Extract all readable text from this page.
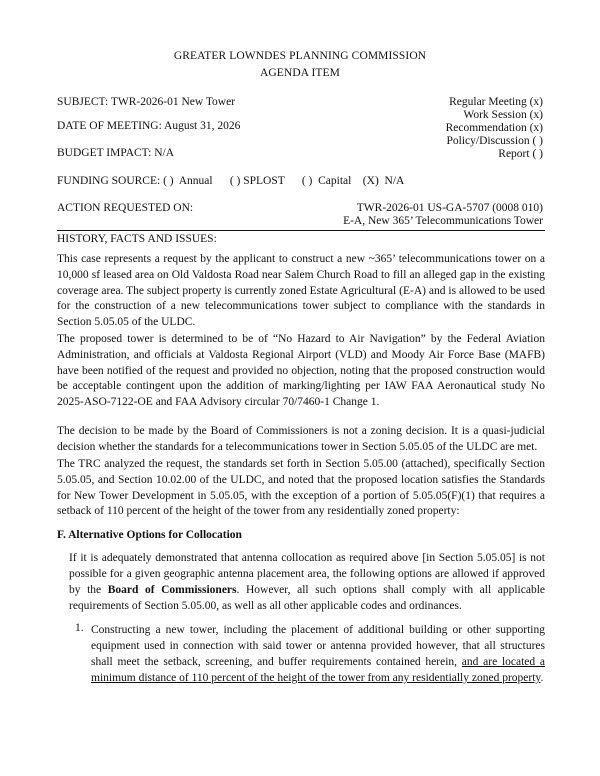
GREATER LOWNDES PLANNING COMMISSION
AGENDA ITEM
SUBJECT: TWR-2026-01 New Tower
DATE OF MEETING: August 31, 2026
BUDGET IMPACT: N/A
Regular Meeting (x)
Work Session (x)
Recommendation (x)
Policy/Discussion ( )
Report ( )
FUNDING SOURCE: ( )  Annual      ( ) SPLOST      ( )  Capital    (X)  N/A
ACTION REQUESTED ON:	TWR-2026-01 US-GA-5707 (0008 010)
E-A, New 365’ Telecommunications Tower
HISTORY, FACTS AND ISSUES:
This case represents a request by the applicant to construct a new ~365’ telecommunications tower on a 10,000 sf leased area on Old Valdosta Road near Salem Church Road to fill an alleged gap in the existing coverage area. The subject property is currently zoned Estate Agricultural (E-A) and is allowed to be used for the construction of a new telecommunications tower subject to compliance with the standards in Section 5.05.05 of the ULDC.
The proposed tower is determined to be of “No Hazard to Air Navigation” by the Federal Aviation Administration, and officials at Valdosta Regional Airport (VLD) and Moody Air Force Base (MAFB) have been notified of the request and provided no objection, noting that the proposed construction would be acceptable contingent upon the addition of marking/lighting per IAW FAA Aeronautical study No 2025-ASO-7122-OE and FAA Advisory circular 70/7460-1 Change 1.
The decision to be made by the Board of Commissioners is not a zoning decision. It is a quasi-judicial decision whether the standards for a telecommunications tower in Section 5.05.05 of the ULDC are met.
The TRC analyzed the request, the standards set forth in Section 5.05.00 (attached), specifically Section 5.05.05, and Section 10.02.00 of the ULDC, and noted that the proposed location satisfies the Standards for New Tower Development in 5.05.05, with the exception of a portion of 5.05.05(F)(1) that requires a setback of 110 percent of the height of the tower from any residentially zoned property:
F. Alternative Options for Collocation
If it is adequately demonstrated that antenna collocation as required above [in Section 5.05.05] is not possible for a given geographic antenna placement area, the following options are allowed if approved by the Board of Commissioners. However, all such options shall comply with all applicable requirements of Section 5.05.00, as well as all other applicable codes and ordinances.
1. Constructing a new tower, including the placement of additional building or other supporting equipment used in connection with said tower or antenna provided however, that all structures shall meet the setback, screening, and buffer requirements contained herein, and are located a minimum distance of 110 percent of the height of the tower from any residentially zoned property.
